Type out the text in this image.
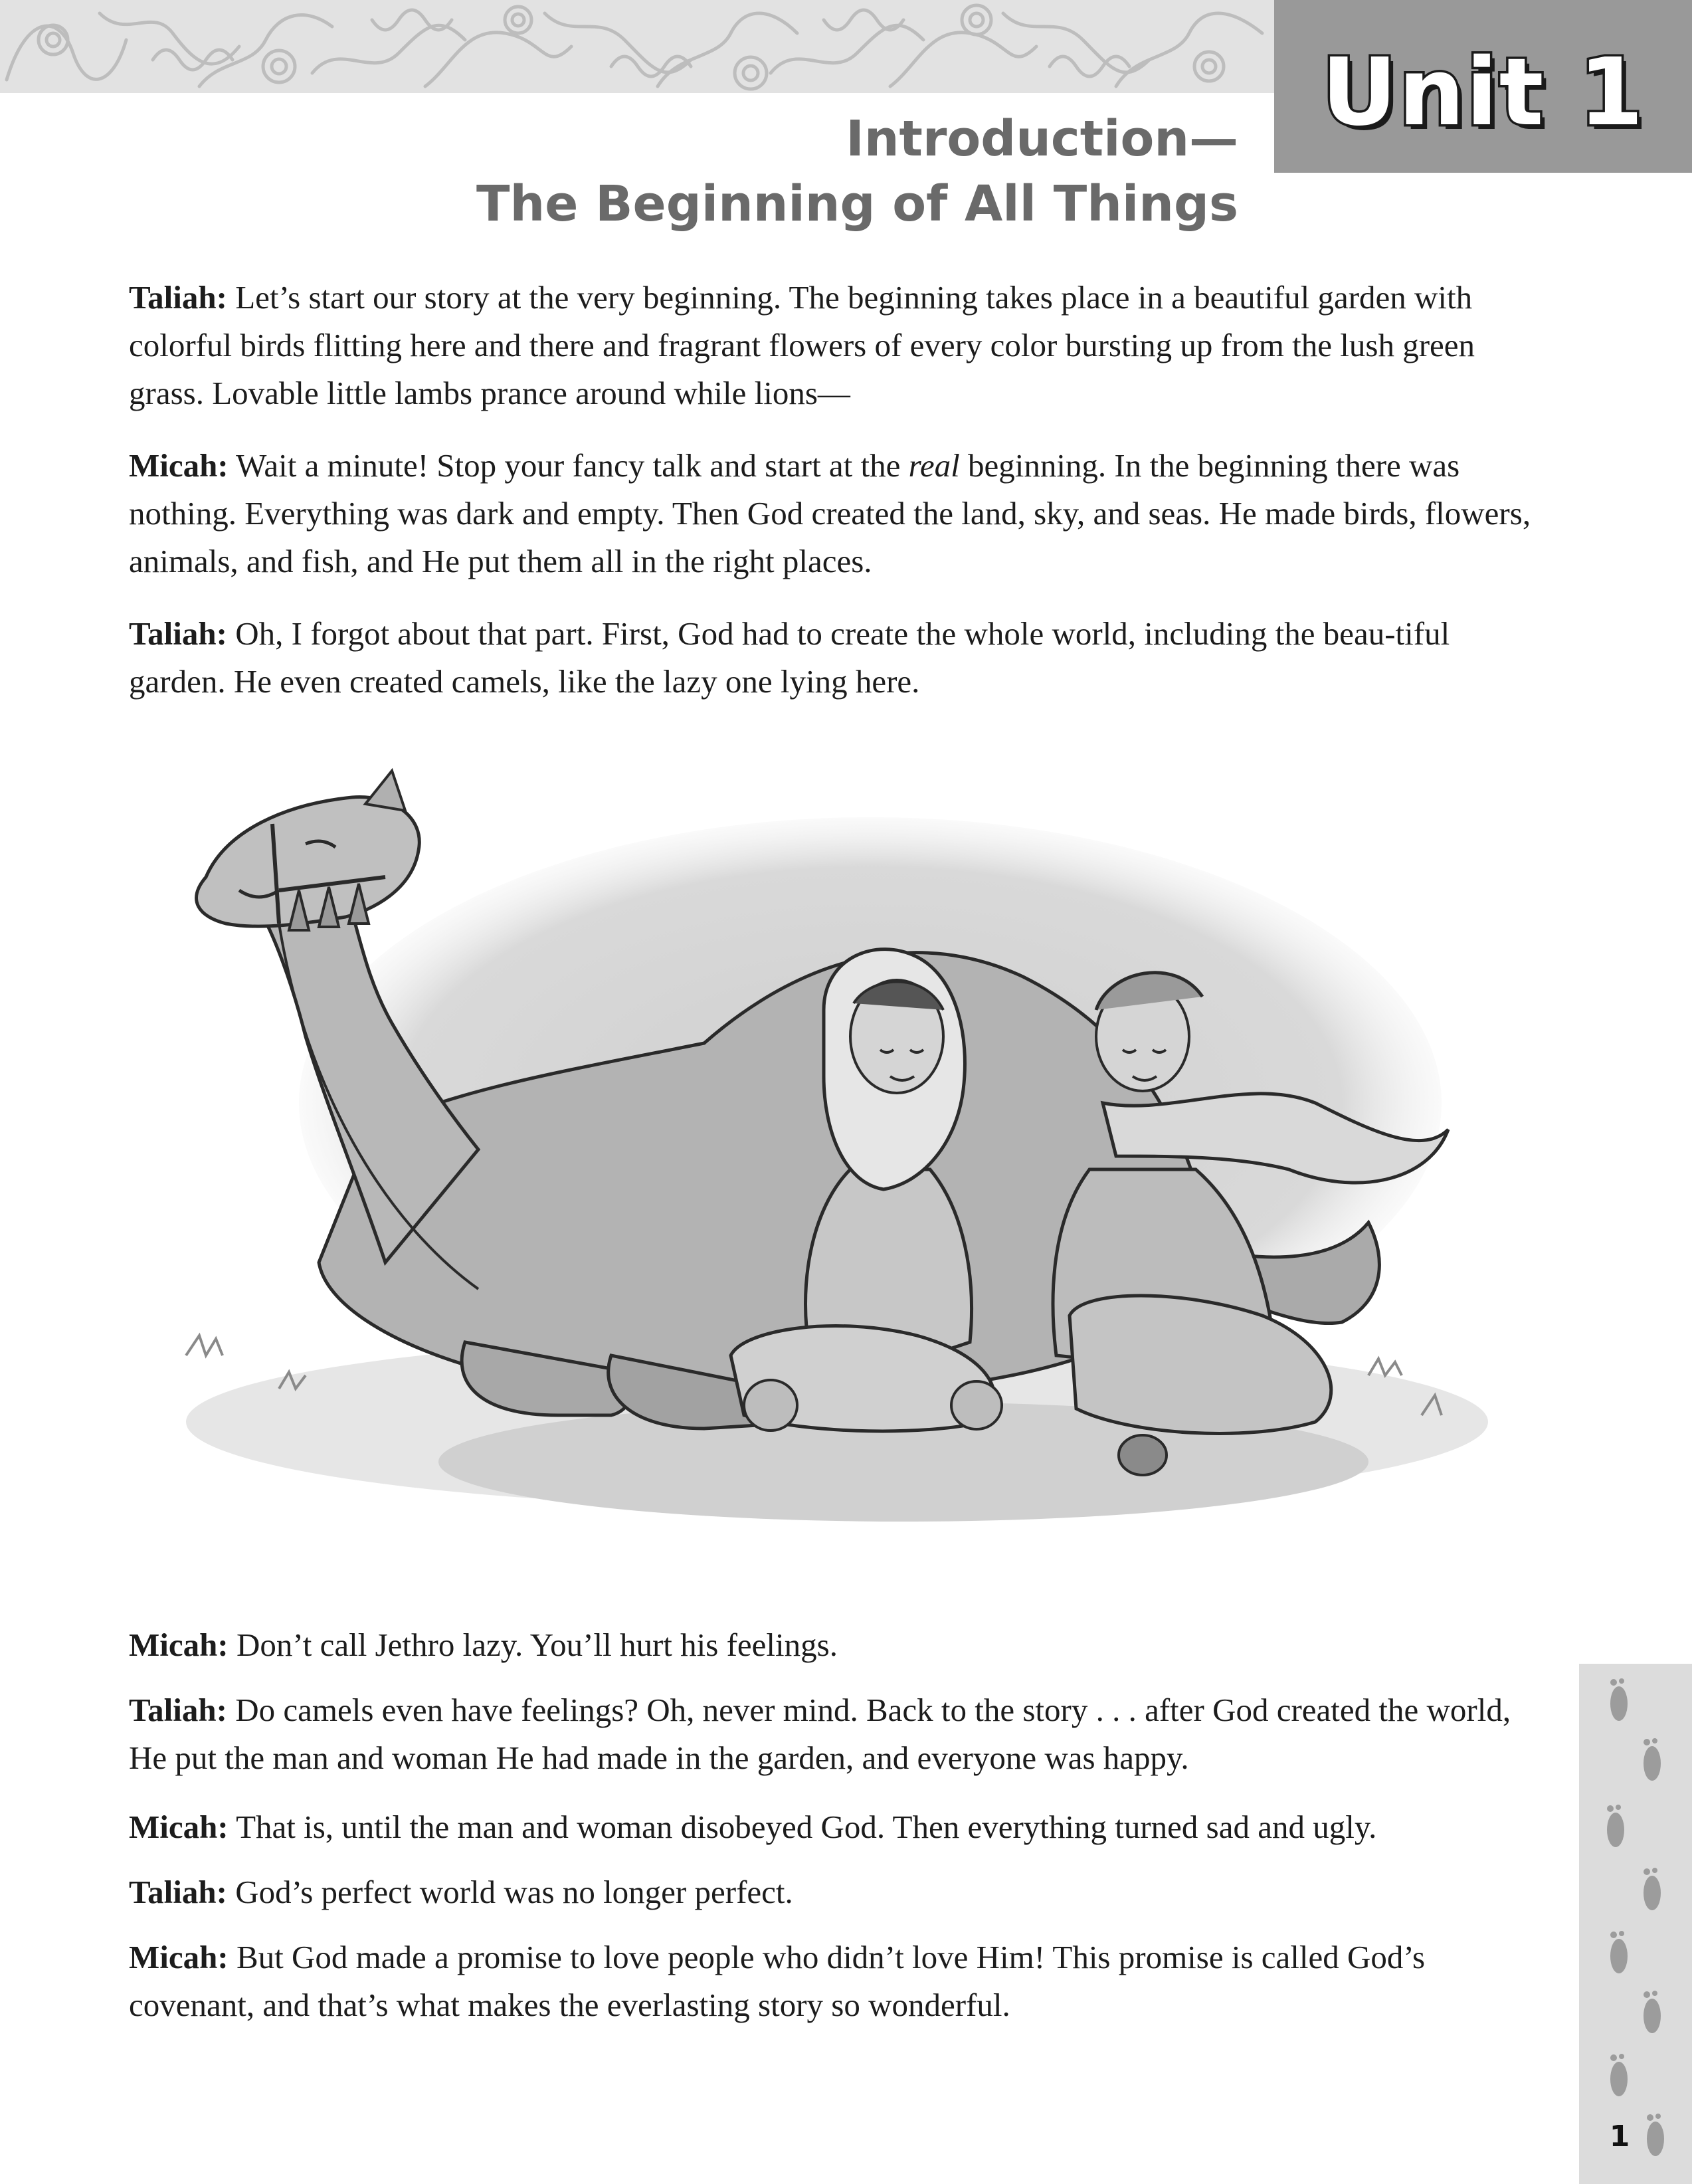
Unit 1
Introduction—
The Beginning of All Things

Taliah: Let’s start our story at the very beginning. The beginning takes place in a beautiful garden with colorful birds flitting here and there and fragrant flowers of every color bursting up from the lush green grass. Lovable little lambs prance around while lions—

Micah: Wait a minute! Stop your fancy talk and start at the real beginning. In the beginning there was nothing. Everything was dark and empty. Then God created the land, sky, and seas. He made birds, flowers, animals, and fish, and He put them all in the right places.

Taliah: Oh, I forgot about that part. First, God had to create the whole world, including the beau-tiful garden. He even created camels, like the lazy one lying here.

Micah: Don’t call Jethro lazy. You’ll hurt his feelings.

Taliah: Do camels even have feelings? Oh, never mind. Back to the story . . . after God created the world, He put the man and woman He had made in the garden, and everyone was happy.

Micah: That is, until the man and woman disobeyed God. Then everything turned sad and ugly.

Taliah: God’s perfect world was no longer perfect.

Micah: But God made a promise to love people who didn’t love Him! This promise is called God’s covenant, and that’s what makes the everlasting story so wonderful.

1
